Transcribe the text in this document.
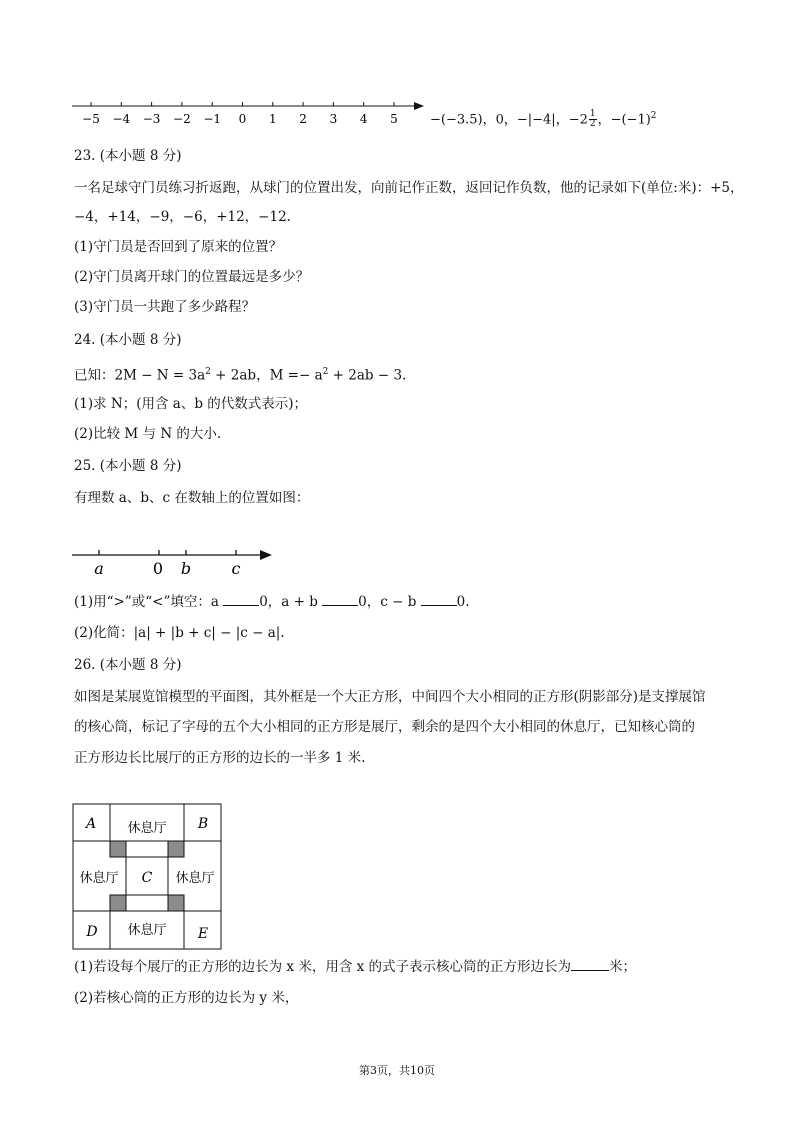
−5 −4 −3 −2 −1 0 1 2 3 4 5 −(−3.5)，0，−|−4|，$-2 \frac{1}{2}$ ，$-(-1)^2$
23. (本小题 8 分)
一名足球守门员练习折返跑，从球门的位置出发，向前记作正数，返回记作负数，他的记录如下(单位:米)：+5，
−4，+14，−9，−6，+12，−12.
(1)守门员是否回到了原来的位置？
(2)守门员离开球门的位置最远是多少？
(3)守门员一共跑了多少路程？
24. (本小题 8 分)
已知：$2M - N = 3a^2 + 2ab$，$M =- a^2 + 2ab - 3$.
(1)求 N；(用含 a、b 的代数式表示)；
(2)比较 M 与 N 的大小.
25. (本小题 8 分)
有理数 a、b、c 在数轴上的位置如图：
a	0 b	c
(1)用“>”或“<”填空：a	0，a + b	0，c − b	0.
(2)化简：|a| + |b + c| − |c − a|.
26. (本小题 8 分)
如图是某展览馆模型的平面图，其外框是一个大正方形，中间四个大小相同的正方形(阴影部分)是支撑展馆
的核心筒，标记了字母的五个大小相同的正方形是展厅，剩余的是四个大小相同的休息厅，已知核心筒的
正方形边长比展厅的正方形的边长的一半多 1 米.
A	B
C
D	E
休息厅
休息厅	休息厅
休息厅
(1)若设每个展厅的正方形的边长为 x 米，用含 x 的式子表示核心筒的正方形边长为	米；
(2)若核心筒的正方形的边长为 y 米，
第3页，共10页
